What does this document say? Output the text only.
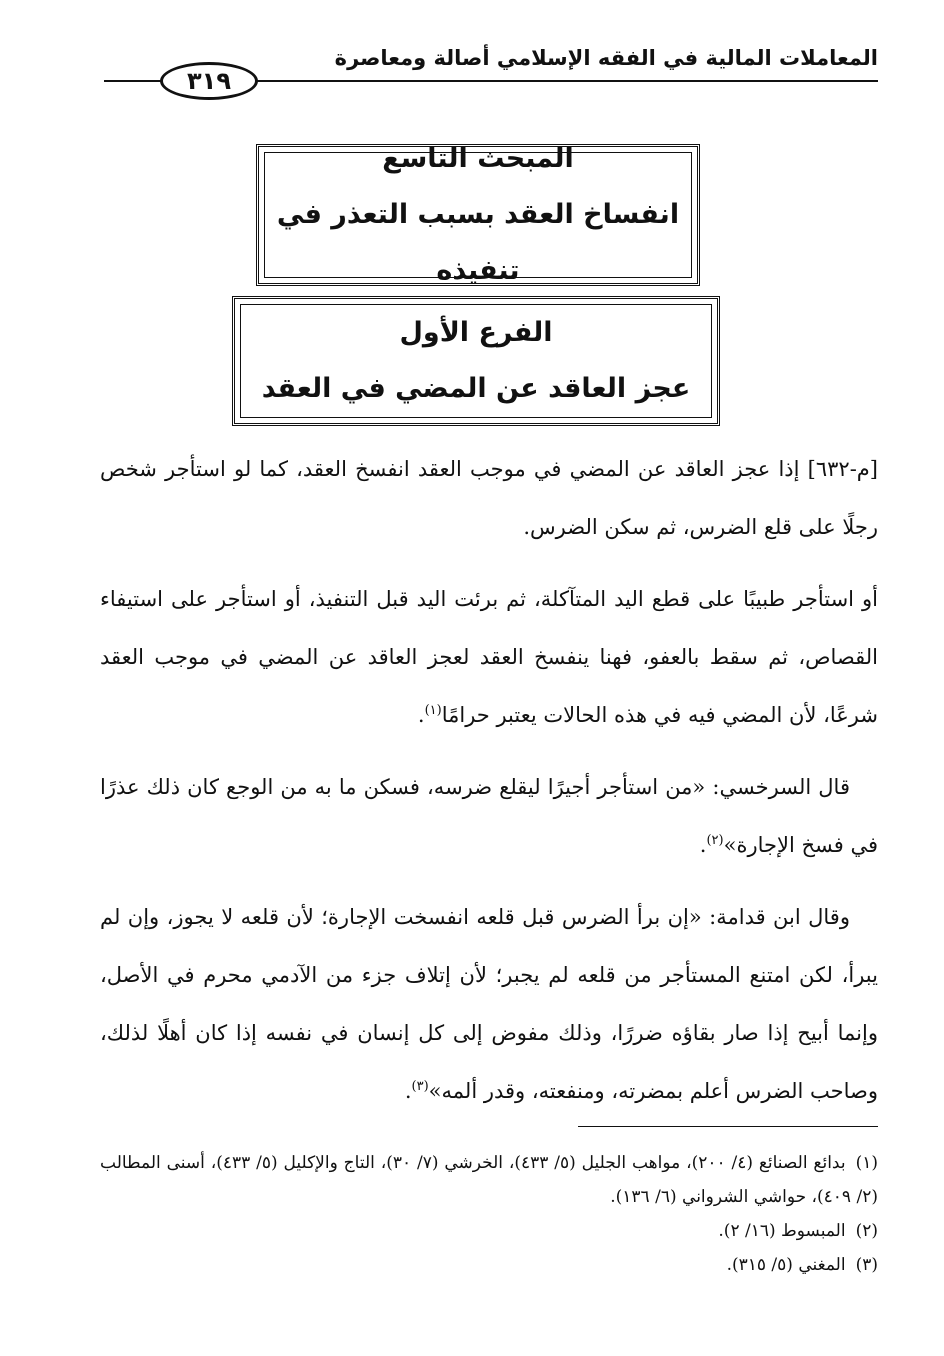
المعاملات المالية في الفقه الإسلامي أصالة ومعاصرة
٣١٩
المبحث التاسع
انفساخ العقد بسبب التعذر في تنفيذه
الفرع الأول
عجز العاقد عن المضي في العقد

[م-٦٣٢] إذا عجز العاقد عن المضي في موجب العقد انفسخ العقد، كما لو استأجر شخص رجلًا على قلع الضرس، ثم سكن الضرس.

أو استأجر طبيبًا على قطع اليد المتآكلة، ثم برئت اليد قبل التنفيذ، أو استأجر على استيفاء القصاص، ثم سقط بالعفو، فهنا ينفسخ العقد لعجز العاقد عن المضي في موجب العقد شرعًا، لأن المضي فيه في هذه الحالات يعتبر حرامًا$^{(١)}$.

قال السرخسي: «من استأجر أجيرًا ليقلع ضرسه، فسكن ما به من الوجع كان ذلك عذرًا في فسخ الإجارة»$^{(٢)}$.

وقال ابن قدامة: «إن برأ الضرس قبل قلعه انفسخت الإجارة؛ لأن قلعه لا يجوز، وإن لم يبرأ، لكن امتنع المستأجر من قلعه لم يجبر؛ لأن إتلاف جزء من الآدمي محرم في الأصل، وإنما أبيح إذا صار بقاؤه ضررًا، وذلك مفوض إلى كل إنسان في نفسه إذا كان أهلًا لذلك، وصاحب الضرس أعلم بمضرته، ومنفعته، وقدر ألمه»$^{(٣)}$.

(١)بدائع الصنائع (٤/ ٢٠٠)، مواهب الجليل (٥/ ٤٣٣)، الخرشي (٧/ ٣٠)، التاج والإكليل (٥/ ٤٣٣)، أسنى المطالب (٢/ ٤٠٩)، حواشي الشرواني (٦/ ١٣٦).

(٢)المبسوط (١٦/ ٢).

(٣)المغني (٥/ ٣١٥).
